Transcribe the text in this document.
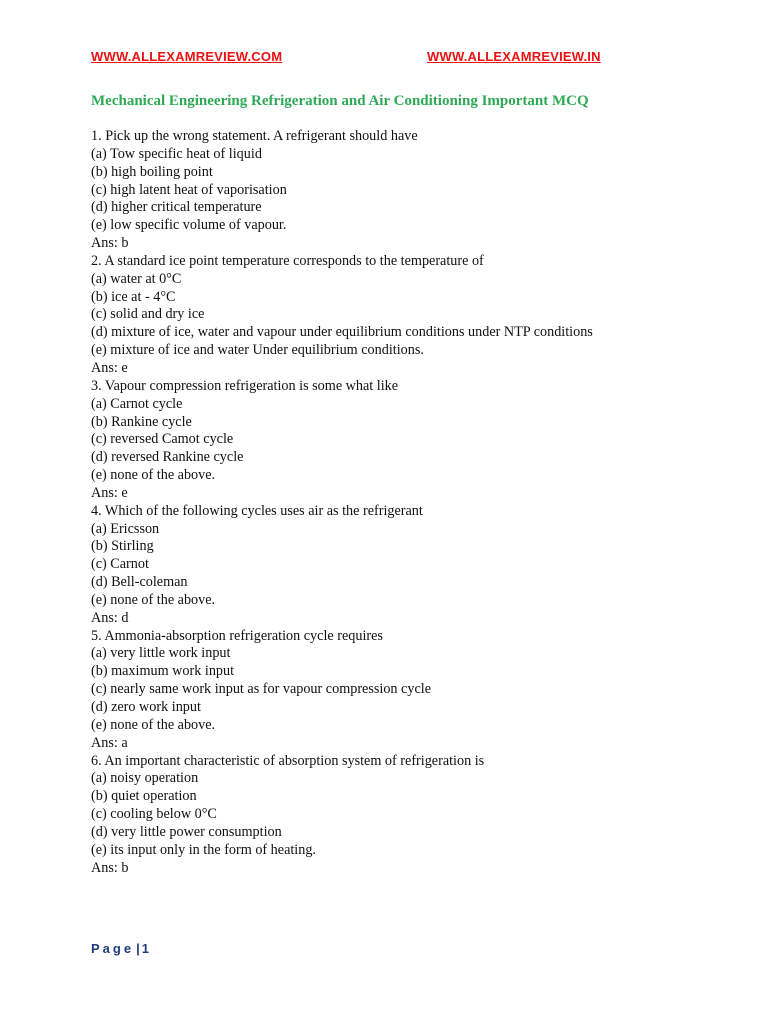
WWW.ALLEXAMREVIEW.COM	WWW.ALLEXAMREVIEW.IN
Mechanical Engineering Refrigeration and Air Conditioning Important MCQ
1. Pick up the wrong statement. A refrigerant should have
(a) Tow specific heat of liquid
(b) high boiling point
(c) high latent heat of vaporisation
(d) higher critical temperature
(e) low specific volume of vapour.
Ans: b
2. A standard ice point temperature corresponds to the temperature of
(a) water at 0°C
(b) ice at - 4°C
(c) solid and dry ice
(d) mixture of ice, water and vapour under equilibrium conditions under NTP conditions
(e) mixture of ice and water Under equilibrium conditions.
Ans: e
3. Vapour compression refrigeration is some what like
(a) Carnot cycle
(b) Rankine cycle
(c) reversed Camot cycle
(d) reversed Rankine cycle
(e) none of the above.
Ans: e
4. Which of the following cycles uses air as the refrigerant
(a) Ericsson
(b) Stirling
(c) Carnot
(d) Bell-coleman
(e) none of the above.
Ans: d
5. Ammonia-absorption refrigeration cycle requires
(a) very little work input
(b) maximum work input
(c) nearly same work input as for vapour compression cycle
(d) zero work input
(e) none of the above.
Ans: a
6. An important characteristic of absorption system of refrigeration is
(a) noisy operation
(b) quiet operation
(c) cooling below 0°C
(d) very little power consumption
(e) its input only in the form of heating.
Ans: b
Page | 1
